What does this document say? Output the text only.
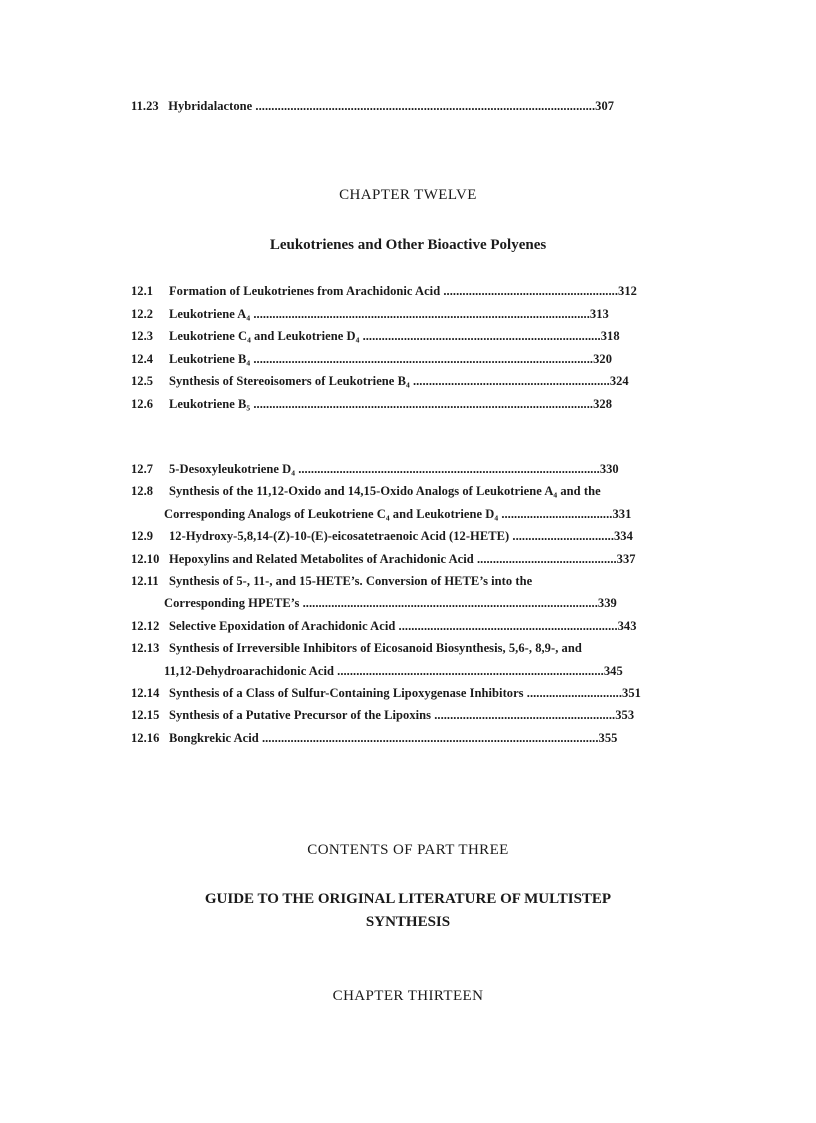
11.23 Hybridalactone ...........................................................................................................307
CHAPTER TWELVE
Leukotrienes and Other Bioactive Polyenes
12.1 Formation of Leukotrienes from Arachidonic Acid .......................................................312
12.2 Leukotriene A₄ ..........................................................................................................313
12.3 Leukotriene C₄ and Leukotriene D₄ ...........................................................................318
12.4 Leukotriene B₄ ...........................................................................................................320
12.5 Synthesis of Stereoisomers of Leukotriene B₄ ..............................................................324
12.6 Leukotriene B₅ ...........................................................................................................328
12.7 5-Desoxyleukotriene D₄ ...............................................................................................330
12.8 Synthesis of the 11,12-Oxido and 14,15-Oxido Analogs of Leukotriene A₄ and the
Corresponding Analogs of Leukotriene C₄ and Leukotriene D₄ ...................................331
12.9 12-Hydroxy-5,8,14-(Z)-10-(E)-eicosatetraenoic Acid (12-HETE) ................................334
12.10 Hepoxylins and Related Metabolites of Arachidonic Acid ............................................337
12.11 Synthesis of 5-, 11-, and 15-HETE’s. Conversion of HETE’s into the
Corresponding HPETE’s .............................................................................................339
12.12 Selective Epoxidation of Arachidonic Acid .....................................................................343
12.13 Synthesis of Irreversible Inhibitors of Eicosanoid Biosynthesis, 5,6-, 8,9-, and
11,12-Dehydroarachidonic Acid ....................................................................................345
12.14 Synthesis of a Class of Sulfur-Containing Lipoxygenase Inhibitors ..............................351
12.15 Synthesis of a Putative Precursor of the Lipoxins .........................................................353
12.16 Bongkrekic Acid ..........................................................................................................355
CONTENTS OF PART THREE
GUIDE TO THE ORIGINAL LITERATURE OF MULTISTEP
SYNTHESIS
CHAPTER THIRTEEN
